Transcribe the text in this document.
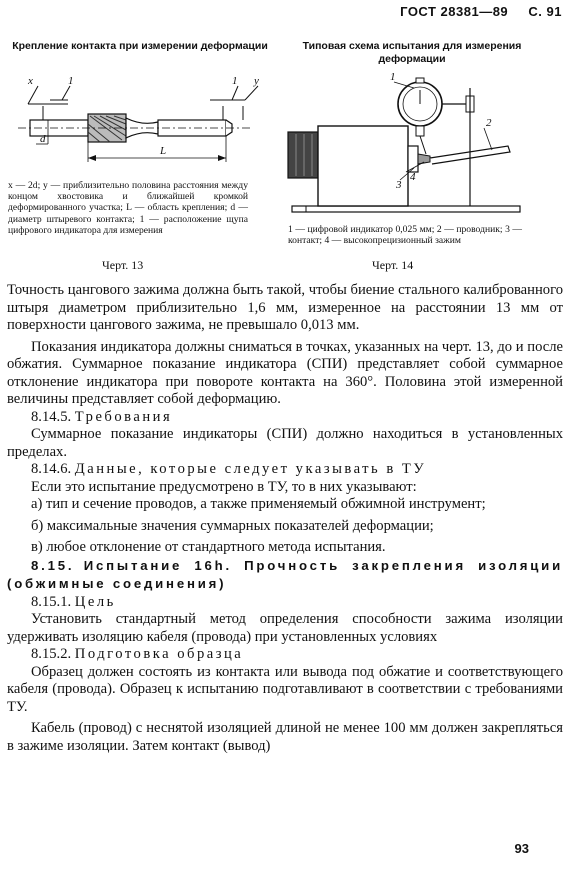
ГОСТ 28381—89 С. 91
Крепление контакта при измерении деформации
x	1	1 y
d
L
x — 2d; y — приблизительно половина расстояния между концом хвостовика и ближайшей кромкой деформированного участка; L — область крепления; d — диаметр штыревого контакта; 1 — расположение щупа цифрового индикатора для измерения
Черт. 13
Типовая схема испытания для измерения деформации
1
2
3
4
1 — цифровой индикатор 0,025 мм; 2 — проводник; 3 — контакт; 4 — высокопрецизионный зажим
Черт. 14

Точность цангового зажима должна быть такой, чтобы биение стального калиброванного штыря диаметром приблизительно 1,6 мм, измеренное на расстоянии 13 мм от поверхности цангового зажима, не превышало 0,013 мм.

Показания индикатора должны сниматься в точках, указанных на черт. 13, до и после обжатия. Суммарное показание индикатора (СПИ) представляет собой суммарное отклонение индикатора при повороте контакта на 360°. Половина этой измеренной величины представляет собой деформацию.

8.14.5. Требования

Суммарное показание индикаторы (СПИ) должно находиться в установленных пределах.

8.14.6. Данные, которые следует указывать в ТУ

Если это испытание предусмотрено в ТУ, то в них указывают:

а) тип и сечение проводов, а также применяемый обжимной инструмент;

б) максимальные значения суммарных показателей деформации;

в) любое отклонение от стандартного метода испытания.

8.15. Испытание 16h. Прочность закрепления изоляции (обжимные соединения)

8.15.1. Цель

Установить стандартный метод определения способности зажима изоляции удерживать изоляцию кабеля (провода) при установленных условиях

8.15.2. Подготовка образца

Образец должен состоять из контакта или вывода под обжатие и соответствующего кабеля (провода). Образец к испытанию подготавливают в соответствии с требованиями ТУ.

Кабель (провод) с неснятой изоляцией длиной не менее 100 мм должен закрепляться в зажиме изоляции. Затем контакт (вывод)

93
